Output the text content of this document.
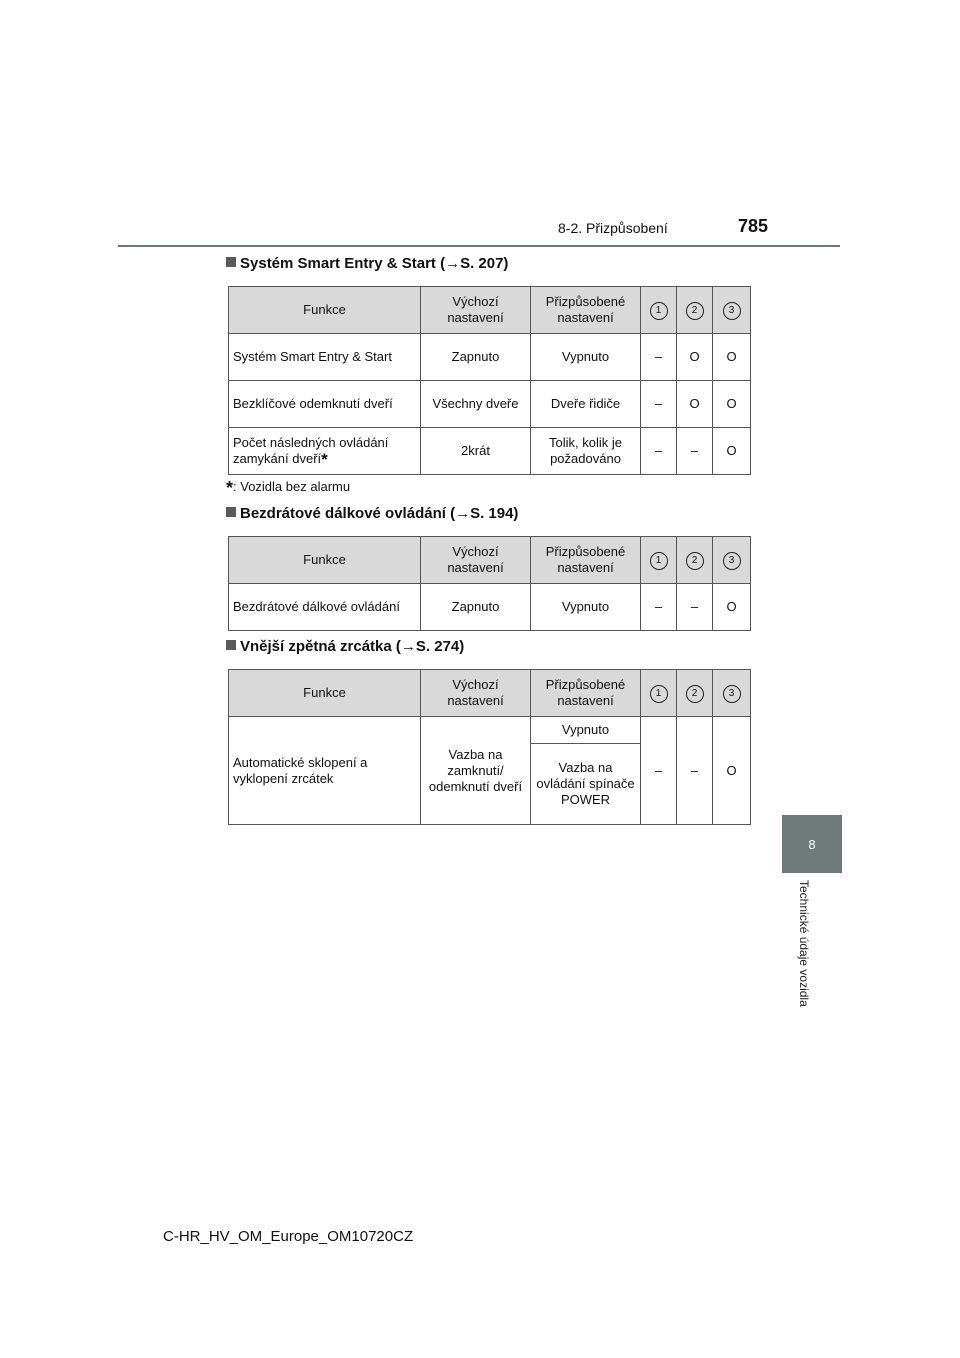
8-2. Přizpůsobení	785
8
Technické údaje vozidla
Systém Smart Entry & Start (→S. 207)
Funkce	Výchozí nastavení	Přizpůsobené nastavení	1	2	3
Systém Smart Entry & Start	Zapnuto	Vypnuto	–	O	O
Bezklíčové odemknutí dveří	Všechny dveře	Dveře řidiče	–	O	O
Počet následných ovládání zamykání dveří*	2krát	Tolik, kolik je požadováno	–	–	O
*: Vozidla bez alarmu
Bezdrátové dálkové ovládání (→S. 194)
Funkce	Výchozí nastavení	Přizpůsobené nastavení	1	2	3
Bezdrátové dálkové ovládání	Zapnuto	Vypnuto	–	–	O
Vnější zpětná zrcátka (→S. 274)
Funkce	Výchozí nastavení	Přizpůsobené nastavení	1	2	3
Automatické sklopení a vyklopení zrcátek	Vazba na zamknutí/ odemknutí dveří	Vypnuto	–	–	O
		Vazba na ovládání spínače POWER			
C-HR_HV_OM_Europe_OM10720CZ
